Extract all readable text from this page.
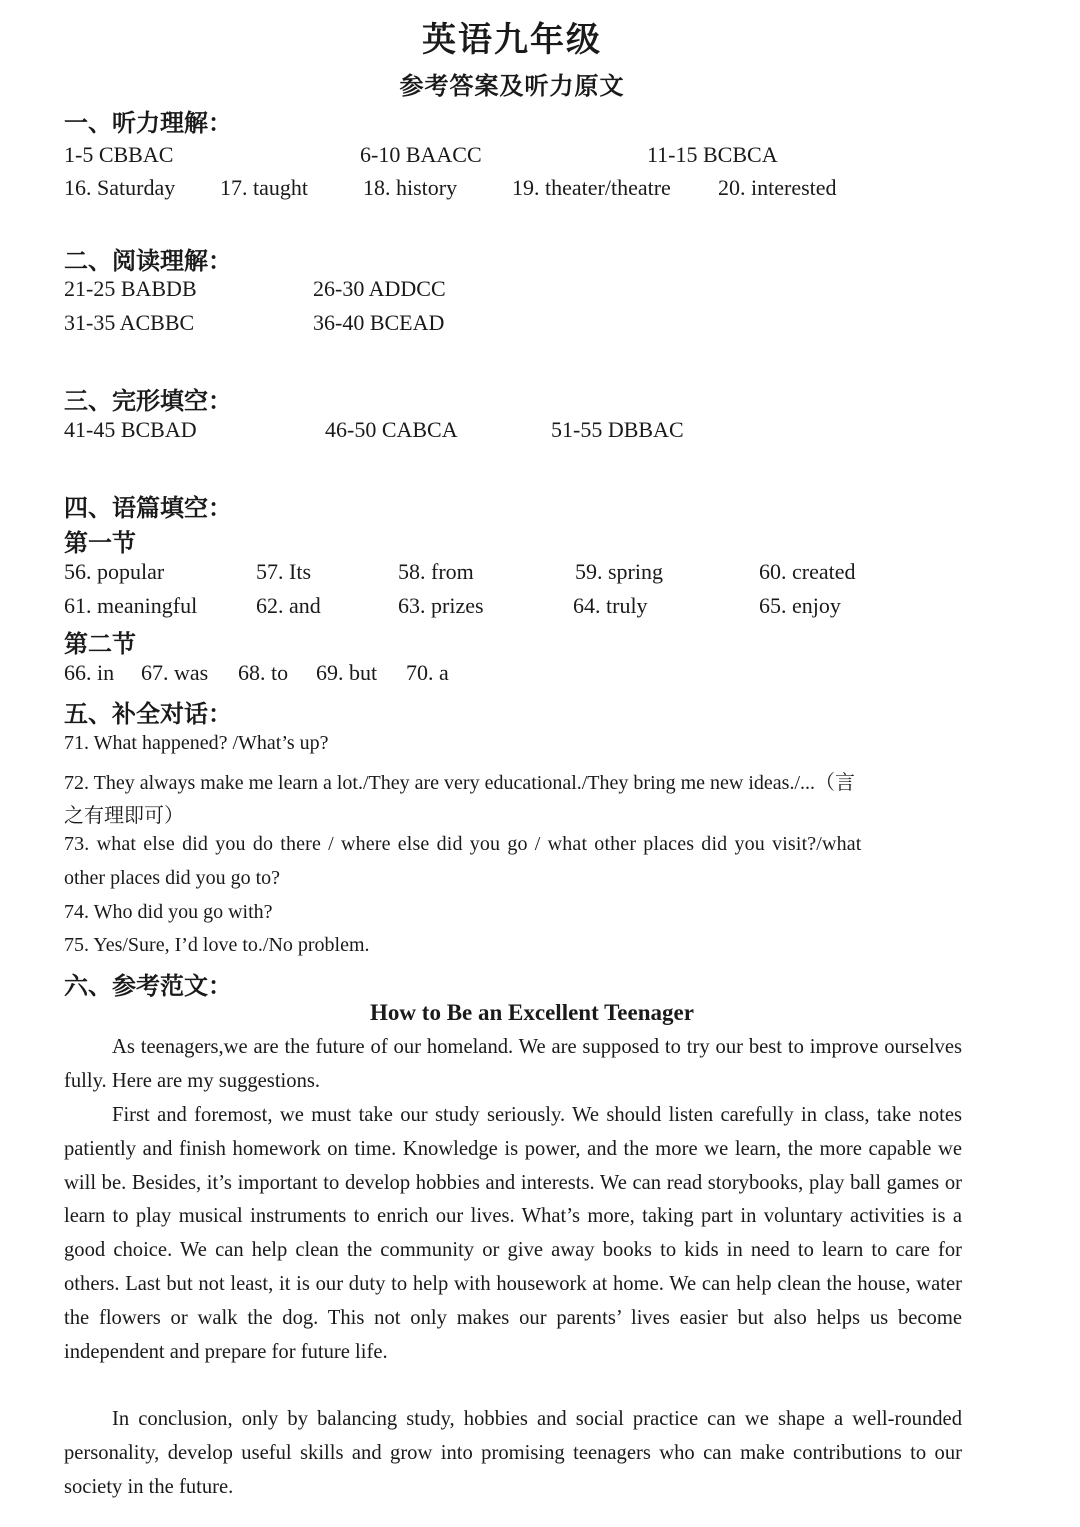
英语九年级
参考答案及听力原文
一、听力理解：
1-5 CBBAC	6-10 BAACC	11-15 BCBCA
16. Saturday 17. taught	18. history 19. theater/theatre 20. interested
二、阅读理解：
21-25 BABDB	26-30 ADDCC
31-35 ACBBC	36-40 BCEAD
三、完形填空：
41-45 BCBAD	46-50 CABCA	51-55 DBBAC
四、语篇填空：
第一节
56. popular	57. Its	58. from	59. spring	60. created
61. meaningful	62. and	63. prizes	64. truly	65. enjoy
第二节
66. in 67. was 68. to 69. but 70. a
五、补全对话：
71. What happened? /What’s up?
72. They always make me learn a lot./They are very educational./They bring me new ideas./...（言
之有理即可）
73. what else did you do there / where else did you go / what other places did you visit?/what
other places did you go to?
74. Who did you go with?
75. Yes/Sure, I’d love to./No problem.
六、参考范文：
How to Be an Excellent Teenager
As teenagers,we are the future of our homeland. We are supposed to try our best to improve ourselves fully. Here are my suggestions.
First and foremost, we must take our study seriously. We should listen carefully in class, take notes patiently and finish homework on time. Knowledge is power, and the more we learn, the more capable we will be. Besides, it’s important to develop hobbies and interests. We can read storybooks, play ball games or learn to play musical instruments to enrich our lives. What’s more, taking part in voluntary activities is a good choice. We can help clean the community or give away books to kids in need to learn to care for others. Last but not least, it is our duty to help with housework at home. We can help clean the house, water the flowers or walk the dog. This not only makes our parents’ lives easier but also helps us become independent and prepare for future life.
In conclusion, only by balancing study, hobbies and social practice can we shape a well-rounded personality, develop useful skills and grow into promising teenagers who can make contributions to our society in the future.
